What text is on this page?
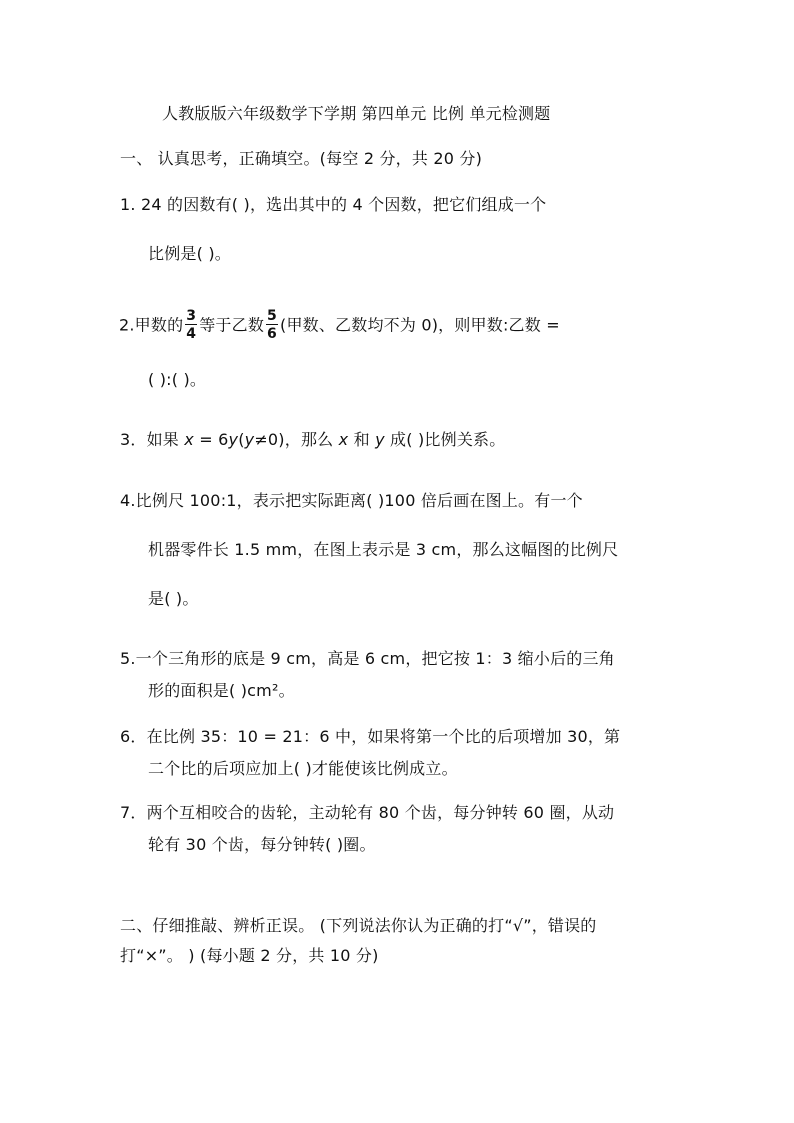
人教版版六年级数学下学期 第四单元 比例 单元检测题
一、 认真思考，正确填空。(每空 2 分，共 20 分)
1. 24 的因数有( )，选出其中的 4 个因数，把它们组成一个
比例是( )。
2.甲数的 $\frac{3}{4}$ 等于乙数 $\frac{5}{6}$ (甲数、乙数均不为 0)，则甲数:乙数 =
( ):( )。
3．如果 x = 6y(y≠0)，那么 x 和 y 成( )比例关系。
4.比例尺 100:1，表示把实际距离( )100 倍后画在图上。有一个
机器零件长 1.5 mm，在图上表示是 3 cm，那么这幅图的比例尺
是( )。
5.一个三角形的底是 9 cm，高是 6 cm，把它按 1：3 缩小后的三角
形的面积是( )cm²。
6．在比例 35：10 = 21：6 中，如果将第一个比的后项增加 30，第
二个比的后项应加上( )才能使该比例成立。
7．两个互相咬合的齿轮，主动轮有 80 个齿，每分钟转 60 圈，从动
轮有 30 个齿，每分钟转( )圈。
二、仔细推敲、辨析正误。 (下列说法你认为正确的打“√”，错误的
打“×”。 ) (每小题 2 分，共 10 分)
